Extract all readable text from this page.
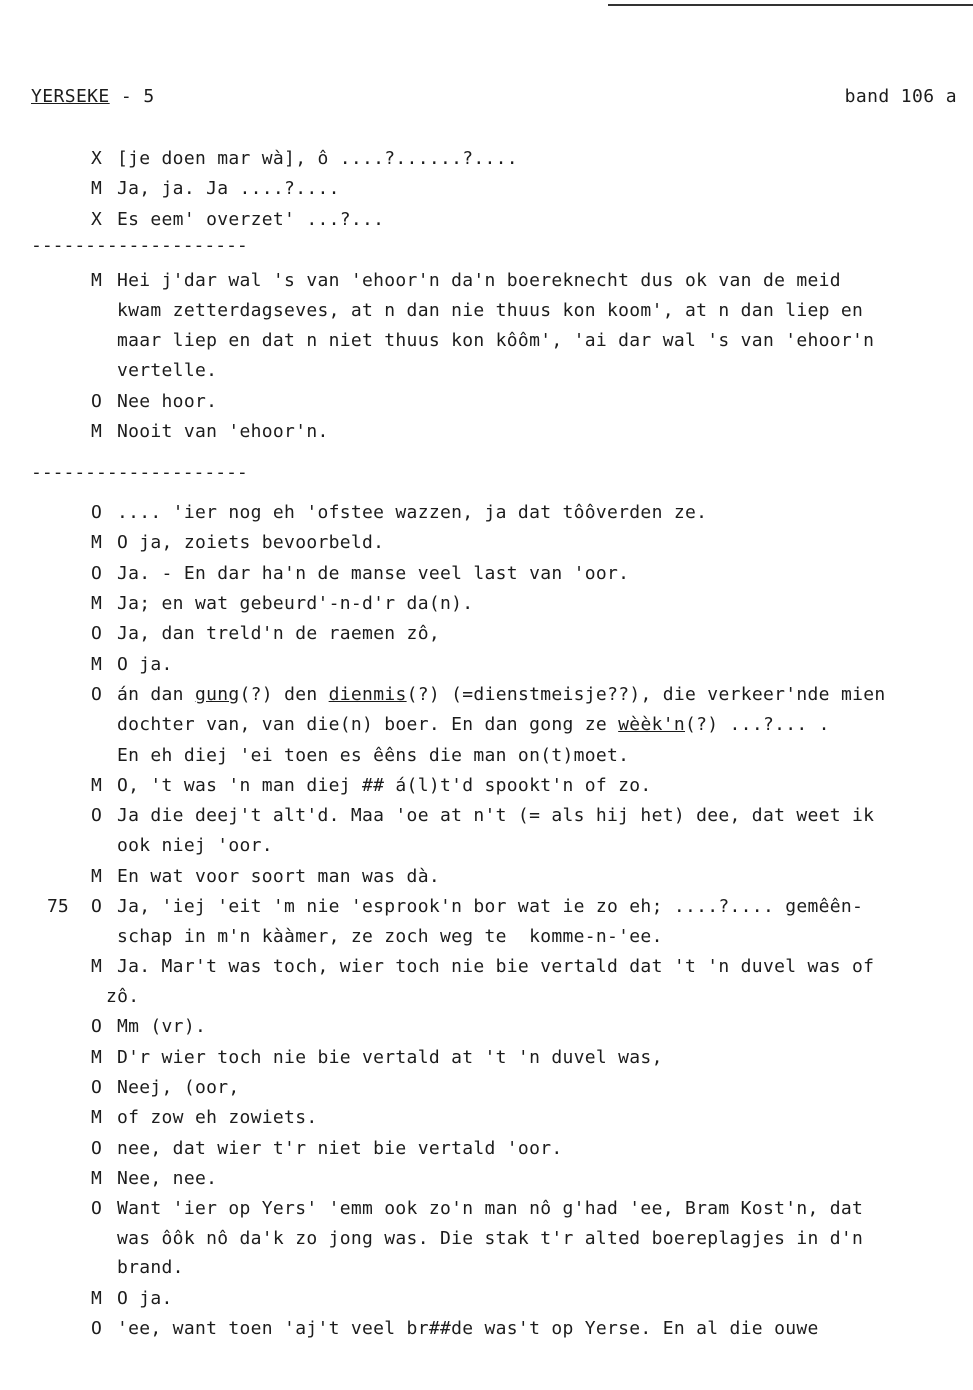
YERSEKE - 5	band 106 a
X [je doen mar wà], ô ....?......?....
M Ja, ja. Ja ....?....
X Es eem' overzet' ...?...
--------------------
M Hei j'dar wal 's van 'ehoor'n da'n boereknecht dus ok van de meid
kwam zetterdagseves, at n dan nie thuus kon koom', at n dan liep en
maar liep en dat n niet thuus kon kôôm', 'ai dar wal 's van 'ehoor'n
vertelle.
O Nee hoor.
M Nooit van 'ehoor'n.
--------------------
O .... 'ier nog eh 'ofstee wazzen, ja dat tôôverden ze.
M O ja, zoiets bevoorbeld.
O Ja. - En dar ha'n de manse veel last van 'oor.
M Ja; en wat gebeurd'-n-d'r da(n).
O Ja, dan treld'n de raemen zô,
M O ja.
O án dan gung(?) den dienmis(?) (=dienstmeisje??), die verkeer'nde mien
dochter van, van die(n) boer. En dan gong ze wèèk'n(?) ...?... .
En eh diej 'ei toen es êêns die man on(t)moet.
M O, 't was 'n man diej ## á(l)t'd spookt'n of zo.
O Ja die deej't alt'd. Maa 'oe at n't (= als hij het) dee, dat weet ik
ook niej 'oor.
M En wat voor soort man was dà.
75 O Ja, 'iej 'eit 'm nie 'esprook'n bor wat ie zo eh; ....?.... gemêên-
schap in m'n kààmer, ze zoch weg te  komme-n-'ee.
M Ja. Mar't was toch, wier toch nie bie vertald dat 't 'n duvel was of
zô.
O Mm (vr).
M D'r wier toch nie bie vertald at 't 'n duvel was,
O Neej, (oor,
M of zow eh zowiets.
O nee, dat wier t'r niet bie vertald 'oor.
M Nee, nee.
O Want 'ier op Yers' 'emm ook zo'n man nô g'had 'ee, Bram Kost'n, dat
was ôôk nô da'k zo jong was. Die stak t'r alted boereplagjes in d'n
brand.
M O ja.
O 'ee, want toen 'aj't veel br##de was't op Yerse. En al die ouwe
